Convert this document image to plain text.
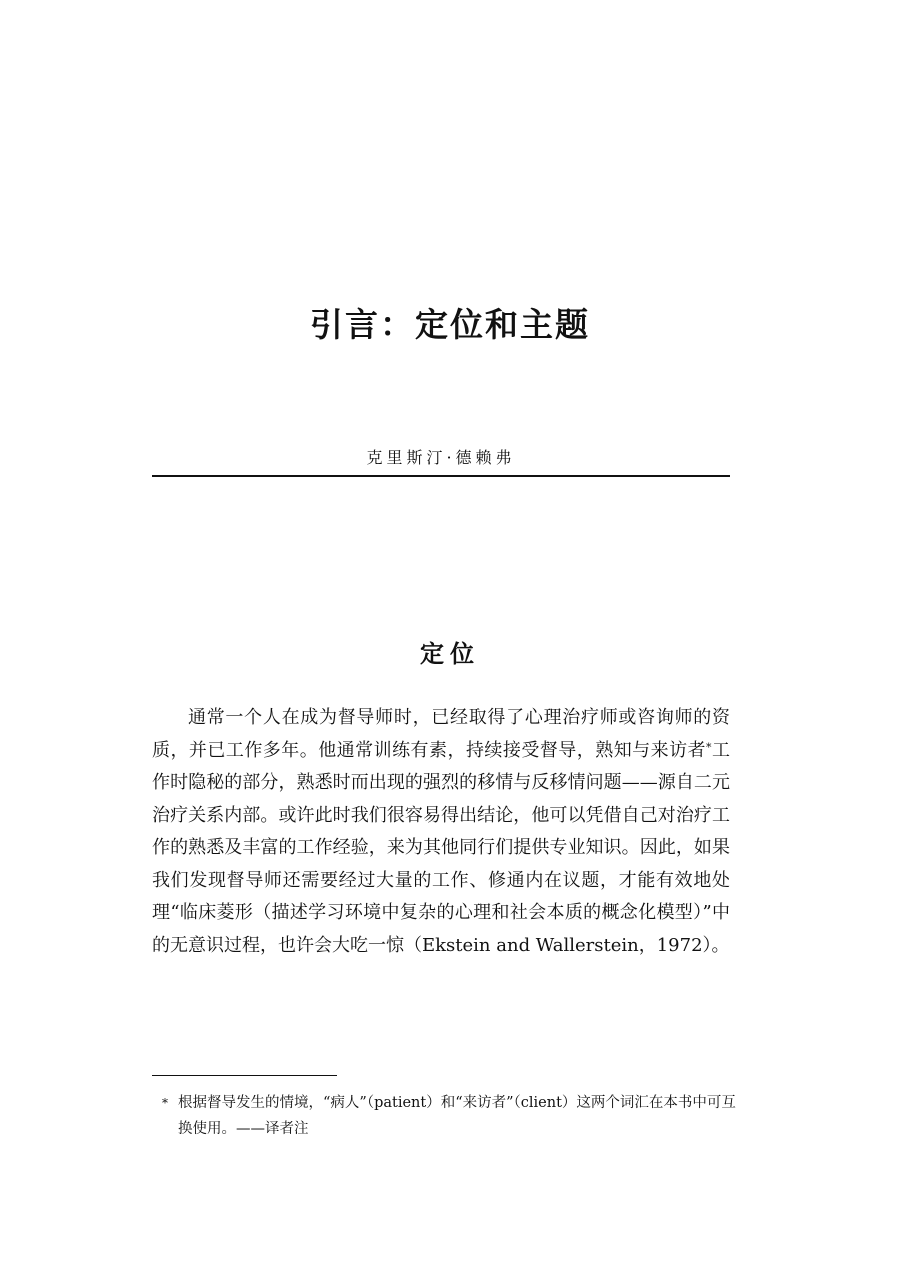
引言：定位和主题

克里斯汀·德赖弗

定位

通常一个人在成为督导师时，已经取得了心理治疗师或咨询师的资质，并已工作多年。他通常训练有素，持续接受督导，熟知与来访者*工作时隐秘的部分，熟悉时而出现的强烈的移情与反移情问题——源自二元治疗关系内部。或许此时我们很容易得出结论，他可以凭借自己对治疗工作的熟悉及丰富的工作经验，来为其他同行们提供专业知识。因此，如果我们发现督导师还需要经过大量的工作、修通内在议题，才能有效地处理“临床菱形（描述学习环境中复杂的心理和社会本质的概念化模型）”中的无意识过程，也许会大吃一惊（Ekstein and Wallerstein，1972）。

* 根据督导发生的情境，“病人”（patient）和“来访者”（client）这两个词汇在本书中可互换使用。——译者注
